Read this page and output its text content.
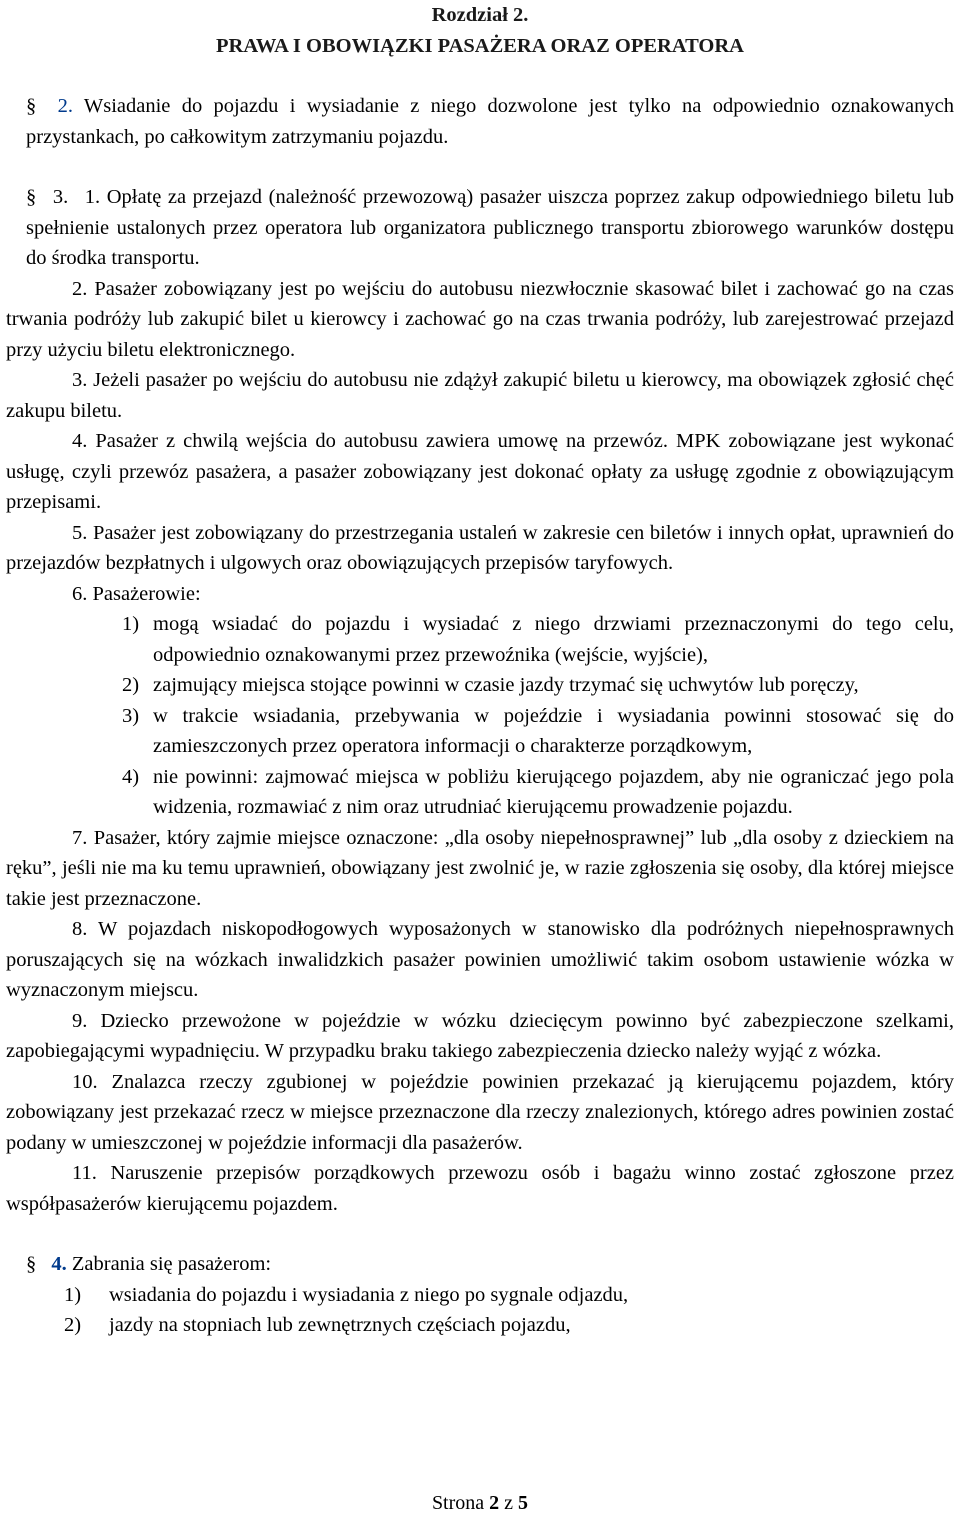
Rozdział 2.

PRAWA I OBOWIĄZKI PASAŻERA ORAZ OPERATORA

§ 2. Wsiadanie do pojazdu i wysiadanie z niego dozwolone jest tylko na odpowiednio oznakowanych przystankach, po całkowitym zatrzymaniu pojazdu.

§ 3. 1. Opłatę za przejazd (należność przewozową) pasażer uiszcza poprzez zakup odpowiedniego biletu lub spełnienie ustalonych przez operatora lub organizatora publicznego transportu zbiorowego warunków dostępu do środka transportu.

2. Pasażer zobowiązany jest po wejściu do autobusu niezwłocznie skasować bilet i zachować go na czas trwania podróży lub zakupić bilet u kierowcy i zachować go na czas trwania podróży, lub zarejestrować przejazd przy użyciu biletu elektronicznego.

3. Jeżeli pasażer po wejściu do autobusu nie zdążył zakupić biletu u kierowcy, ma obowiązek zgłosić chęć zakupu biletu.

4. Pasażer z chwilą wejścia do autobusu zawiera umowę na przewóz. MPK zobowiązane jest wykonać usługę, czyli przewóz pasażera, a pasażer zobowiązany jest dokonać opłaty za usługę zgodnie z obowiązującym przepisami.

5. Pasażer jest zobowiązany do przestrzegania ustaleń w zakresie cen biletów i innych opłat, uprawnień do przejazdów bezpłatnych i ulgowych oraz obowiązujących przepisów taryfowych.

6. Pasażerowie:

1) mogą wsiadać do pojazdu i wysiadać z niego drzwiami przeznaczonymi do tego celu, odpowiednio oznakowanymi przez przewoźnika (wejście, wyjście),
2) zajmujący miejsca stojące powinni w czasie jazdy trzymać się uchwytów lub poręczy,
3) w trakcie wsiadania, przebywania w pojeździe i wysiadania powinni stosować się do zamieszczonych przez operatora informacji o charakterze porządkowym,
4) nie powinni: zajmować miejsca w pobliżu kierującego pojazdem, aby nie ograniczać jego pola widzenia, rozmawiać z nim oraz utrudniać kierującemu prowadzenie pojazdu.

7. Pasażer, który zajmie miejsce oznaczone: „dla osoby niepełnosprawnej” lub „dla osoby z dzieckiem na ręku”, jeśli nie ma ku temu uprawnień, obowiązany jest zwolnić je, w razie zgłoszenia się osoby, dla której miejsce takie jest przeznaczone.

8. W pojazdach niskopodłogowych wyposażonych w stanowisko dla podróżnych niepełnosprawnych poruszających się na wózkach inwalidzkich pasażer powinien umożliwić takim osobom ustawienie wózka w wyznaczonym miejscu.

9. Dziecko przewożone w pojeździe w wózku dziecięcym powinno być zabezpieczone szelkami, zapobiegającymi wypadnięciu. W przypadku braku takiego zabezpieczenia dziecko należy wyjąć z wózka.

10. Znalazca rzeczy zgubionej w pojeździe powinien przekazać ją kierującemu pojazdem, który zobowiązany jest przekazać rzecz w miejsce przeznaczone dla rzeczy znalezionych, którego adres powinien zostać podany w umieszczonej w pojeździe informacji dla pasażerów.

11. Naruszenie przepisów porządkowych przewozu osób i bagażu winno zostać zgłoszone przez współpasażerów kierującemu pojazdem.

§ 4. Zabrania się pasażerom:

1) wsiadania do pojazdu i wysiadania z niego po sygnale odjazdu,
2) jazdy na stopniach lub zewnętrznych częściach pojazdu,
Strona 2 z 5
